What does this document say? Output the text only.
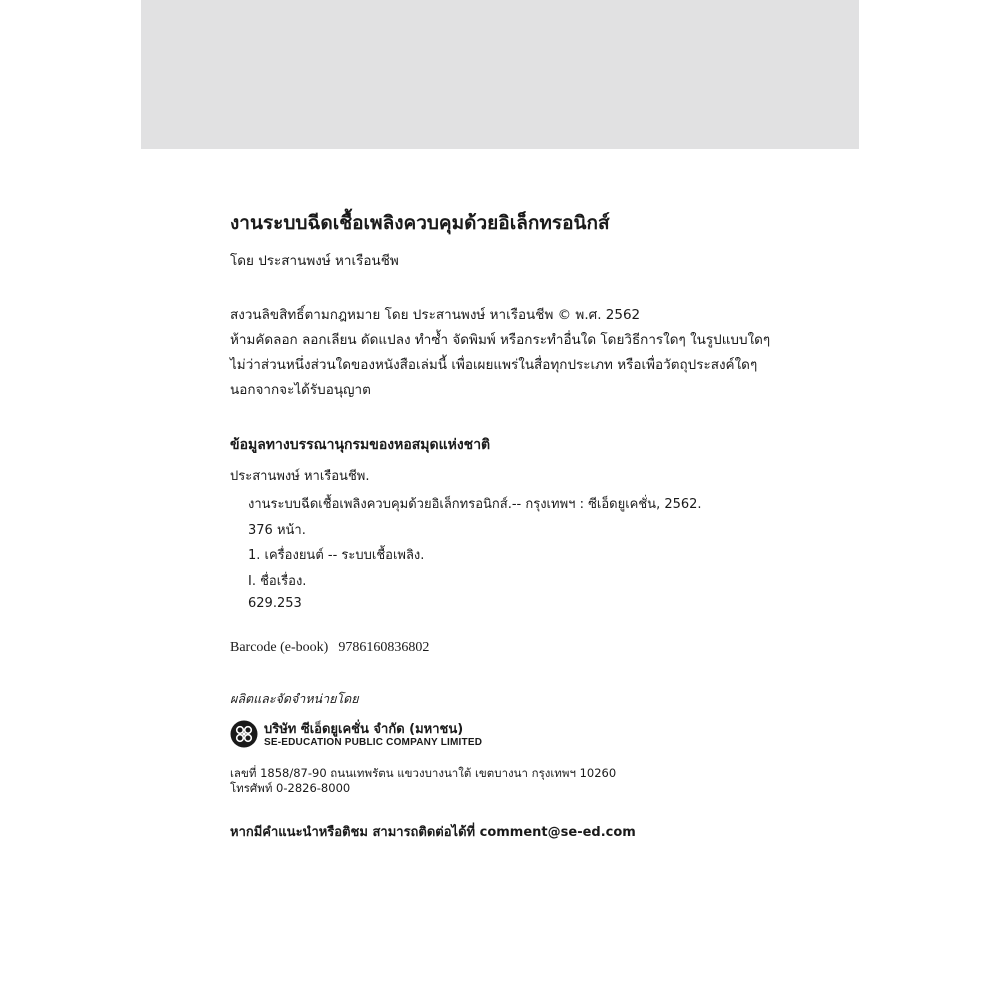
งานระบบฉีดเชื้อเพลิงควบคุมด้วยอิเล็กทรอนิกส์
โดย ประสานพงษ์ หาเรือนชีพ
สงวนลิขสิทธิ์ตามกฎหมาย โดย ประสานพงษ์ หาเรือนชีพ © พ.ศ. 2562
ห้ามคัดลอก ลอกเลียน ดัดแปลง ทำซ้ำ จัดพิมพ์ หรือกระทำอื่นใด โดยวิธีการใดๆ ในรูปแบบใดๆ
ไม่ว่าส่วนหนึ่งส่วนใดของหนังสือเล่มนี้ เพื่อเผยแพร่ในสื่อทุกประเภท หรือเพื่อวัตถุประสงค์ใดๆ
นอกจากจะได้รับอนุญาต
ข้อมูลทางบรรณานุกรมของหอสมุดแห่งชาติ
ประสานพงษ์ หาเรือนชีพ.
งานระบบฉีดเชื้อเพลิงควบคุมด้วยอิเล็กทรอนิกส์.-- กรุงเทพฯ : ซีเอ็ดยูเคชั่น, 2562.
376 หน้า.
1. เครื่องยนต์ -- ระบบเชื้อเพลิง.
I. ชื่อเรื่อง.
629.253
Barcode (e-book) 9786160836802
ผลิตและจัดจำหน่ายโดย
บริษัท ซีเอ็ดยูเคชั่น จำกัด (มหาชน)
SE-EDUCATION PUBLIC COMPANY LIMITED
เลขที่ 1858/87-90 ถนนเทพรัตน แขวงบางนาใต้ เขตบางนา กรุงเทพฯ 10260
โทรศัพท์ 0-2826-8000
หากมีคำแนะนำหรือติชม สามารถติดต่อได้ที่ comment@se-ed.com
